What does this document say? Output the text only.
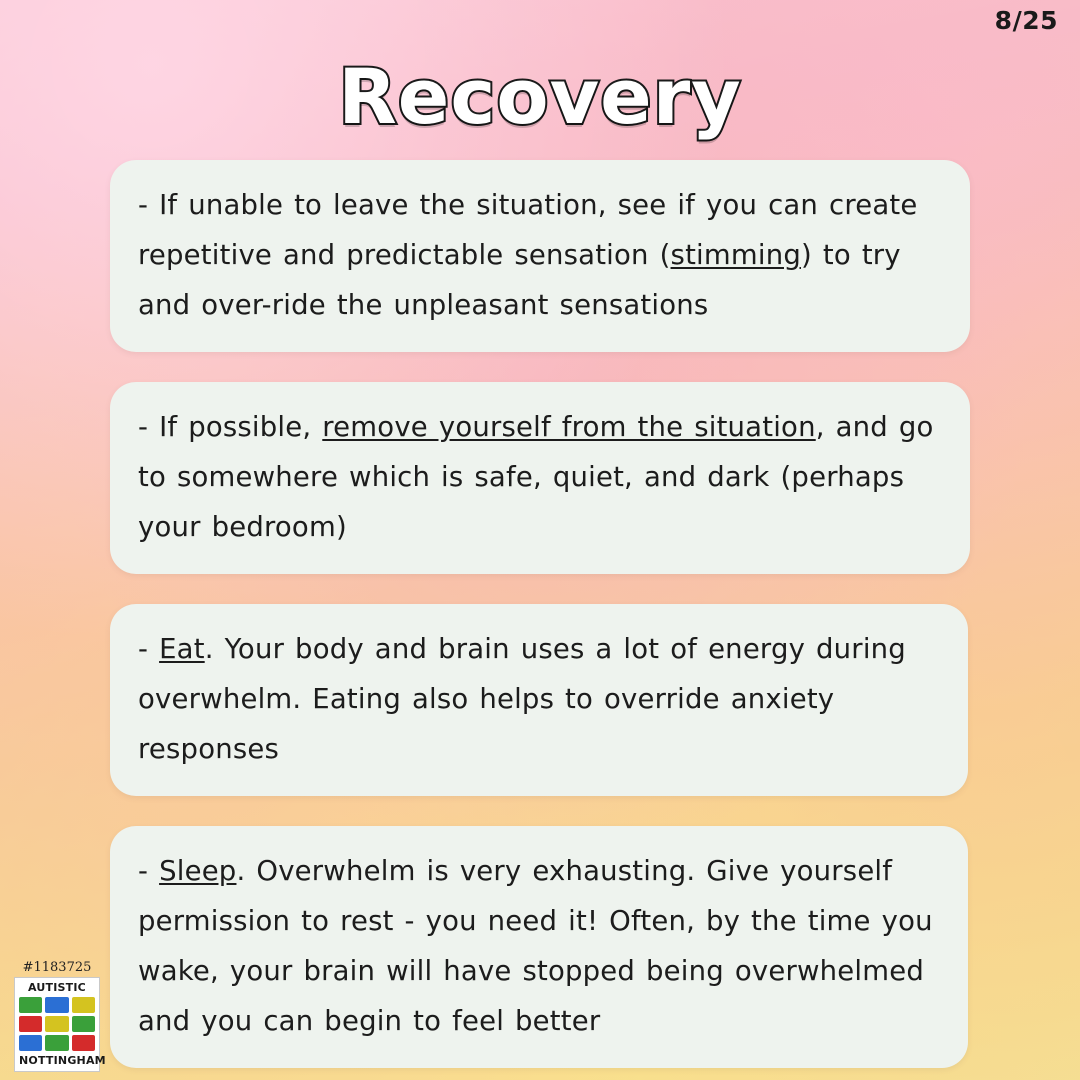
8/25
Recovery
- If unable to leave the situation, see if you can create repetitive and predictable sensation (stimming) to try and over-ride the unpleasant sensations
- If possible, remove yourself from the situation, and go to somewhere which is safe, quiet, and dark (perhaps your bedroom)
- Eat. Your body and brain uses a lot of energy during overwhelm. Eating also helps to override anxiety responses
- Sleep. Overwhelm is very exhausting. Give yourself permission to rest - you need it! Often, by the time you wake, your brain will have stopped being overwhelmed and you can begin to feel better
#1183725
AUTISTIC
NOTTINGHAM
